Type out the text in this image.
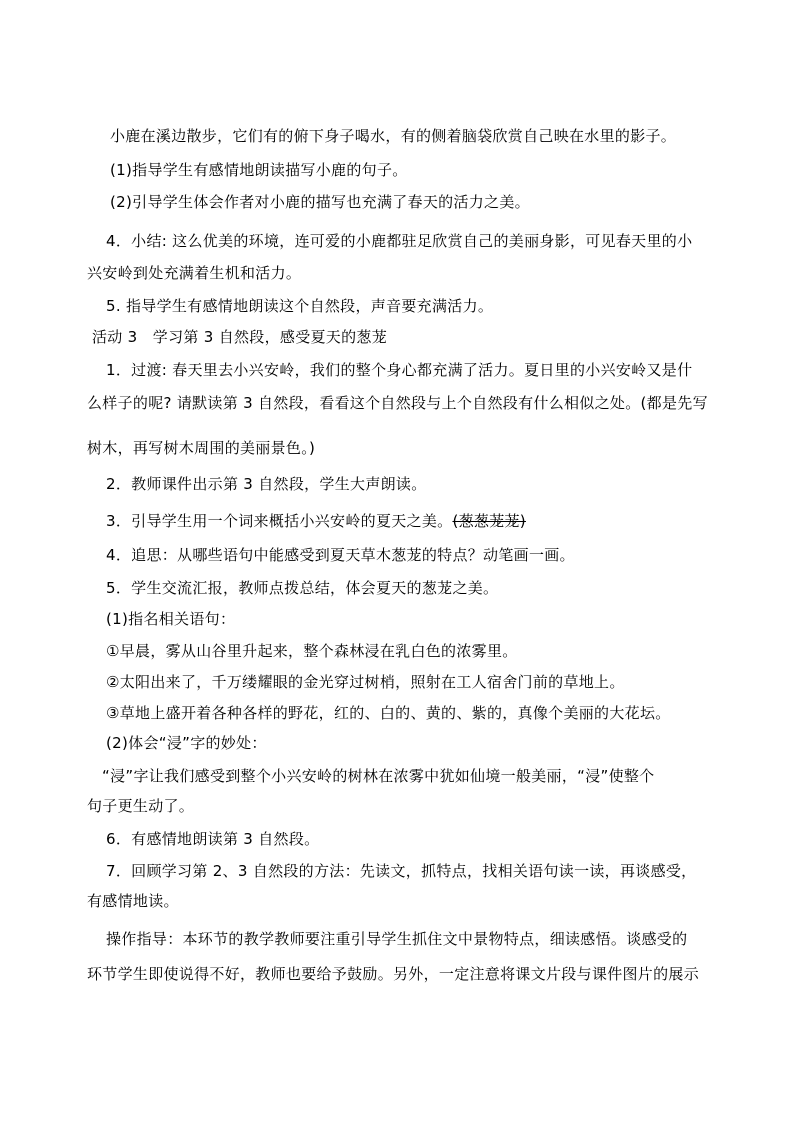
小鹿在溪边散步，它们有的俯下身子喝水，有的侧着脑袋欣赏自己映在水里的影子。
(1)指导学生有感情地朗读描写小鹿的句子。
(2)引导学生体会作者对小鹿的描写也充满了春天的活力之美。
4．小结: 这么优美的环境，连可爱的小鹿都驻足欣赏自己的美丽身影，可见春天里的小
兴安岭到处充满着生机和活力。
5. 指导学生有感情地朗读这个自然段，声音要充满活力。
活动 3　学习第 3 自然段，感受夏天的葱茏
1．过渡: 春天里去小兴安岭，我们的整个身心都充满了活力。夏日里的小兴安岭又是什
么样子的呢? 请默读第 3 自然段，看看这个自然段与上个自然段有什么相似之处。(都是先写
树木，再写树木周围的美丽景色。)
2．教师课件出示第 3 自然段，学生大声朗读。
3．引导学生用一个词来概括小兴安岭的夏天之美。(葱葱茏茏)
4．追思：从哪些语句中能感受到夏天草木葱茏的特点？动笔画一画。
5．学生交流汇报，教师点拨总结，体会夏天的葱茏之美。
(1)指名相关语句：
①早晨，雾从山谷里升起来，整个森林浸在乳白色的浓雾里。
②太阳出来了，千万缕耀眼的金光穿过树梢，照射在工人宿舍门前的草地上。
③草地上盛开着各种各样的野花，红的、白的、黄的、紫的，真像个美丽的大花坛。
(2)体会“浸”字的妙处：
“浸”字让我们感受到整个小兴安岭的树林在浓雾中犹如仙境一般美丽，“浸”使整个
句子更生动了。
6．有感情地朗读第 3 自然段。
7．回顾学习第 2、3 自然段的方法：先读文，抓特点，找相关语句读一读，再谈感受，
有感情地读。
操作指导：本环节的教学教师要注重引导学生抓住文中景物特点，细读感悟。谈感受的
环节学生即使说得不好，教师也要给予鼓励。另外，一定注意将课文片段与课件图片的展示
